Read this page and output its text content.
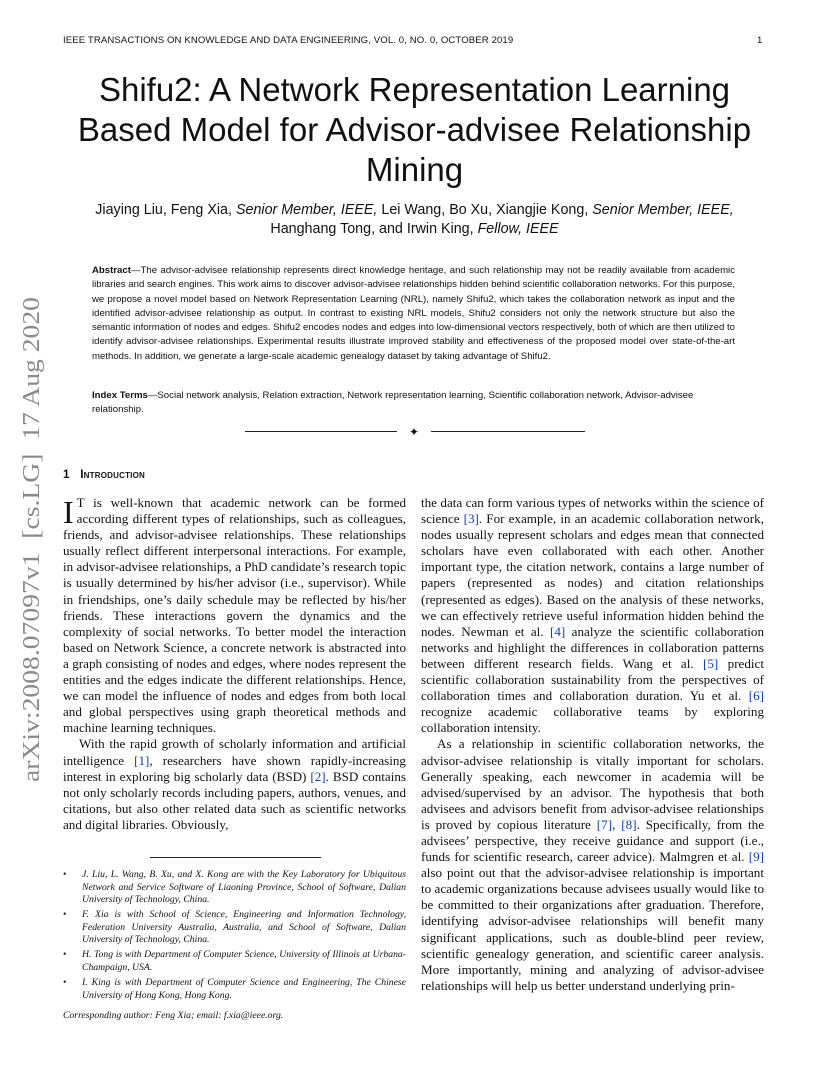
IEEE TRANSACTIONS ON KNOWLEDGE AND DATA ENGINEERING, VOL. 0, NO. 0, OCTOBER 2019	1
arXiv:2008.07097v1  [cs.LG]  17 Aug 2020
Shifu2: A Network Representation Learning Based Model for Advisor-advisee Relationship Mining
Jiaying Liu, Feng Xia, Senior Member, IEEE, Lei Wang, Bo Xu, Xiangjie Kong, Senior Member, IEEE, Hanghang Tong, and Irwin King, Fellow, IEEE
Abstract—The advisor-advisee relationship represents direct knowledge heritage, and such relationship may not be readily available from academic libraries and search engines. This work aims to discover advisor-advisee relationships hidden behind scientific collaboration networks. For this purpose, we propose a novel model based on Network Representation Learning (NRL), namely Shifu2, which takes the collaboration network as input and the identified advisor-advisee relationship as output. In contrast to existing NRL models, Shifu2 considers not only the network structure but also the semantic information of nodes and edges. Shifu2 encodes nodes and edges into low-dimensional vectors respectively, both of which are then utilized to identify advisor-advisee relationships. Experimental results illustrate improved stability and effectiveness of the proposed model over state-of-the-art methods. In addition, we generate a large-scale academic genealogy dataset by taking advantage of Shifu2.
Index Terms—Social network analysis, Relation extraction, Network representation learning, Scientific collaboration network, Advisor-advisee relationship.
✦
1 Introduction

I T is well-known that academic network can be formed according different types of relationships, such as colleagues, friends, and advisor-advisee relationships. These relationships usually reflect different interpersonal interactions. For example, in advisor-advisee relationships, a PhD candidate’s research topic is usually determined by his/her advisor (i.e., supervisor). While in friendships, one’s daily schedule may be reflected by his/her friends. These interactions govern the dynamics and the complexity of social networks. To better model the interaction based on Network Science, a concrete network is abstracted into a graph consisting of nodes and edges, where nodes represent the entities and the edges indicate the different relationships. Hence, we can model the influence of nodes and edges from both local and global perspectives using graph theoretical methods and machine learning techniques.

With the rapid growth of scholarly information and artificial intelligence [1], researchers have shown rapidly-increasing interest in exploring big scholarly data (BSD) [2]. BSD contains not only scholarly records including papers, authors, venues, and citations, but also other related data such as scientific networks and digital libraries. Obviously,

the data can form various types of networks within the science of science [3]. For example, in an academic collaboration network, nodes usually represent scholars and edges mean that connected scholars have even collaborated with each other. Another important type, the citation network, contains a large number of papers (represented as nodes) and citation relationships (represented as edges). Based on the analysis of these networks, we can effectively retrieve useful information hidden behind the nodes. Newman et al. [4] analyze the scientific collaboration networks and highlight the differences in collaboration patterns between different research fields. Wang et al. [5] predict scientific collaboration sustainability from the perspectives of collaboration times and collaboration duration. Yu et al. [6] recognize academic collaborative teams by exploring collaboration intensity.

As a relationship in scientific collaboration networks, the advisor-advisee relationship is vitally important for scholars. Generally speaking, each newcomer in academia will be advised/supervised by an advisor. The hypothesis that both advisees and advisors benefit from advisor-advisee relationships is proved by copious literature [7], [8]. Specifically, from the advisees’ perspective, they receive guidance and support (i.e., funds for scientific research, career advice). Malmgren et al. [9] also point out that the advisor-advisee relationship is important to academic organizations because advisees usually would like to be committed to their organizations after graduation. Therefore, identifying advisor-advisee relationships will benefit many significant applications, such as double-blind peer review, scientific genealogy generation, and scientific career analysis. More importantly, mining and analyzing of advisor-advisee relationships will help us better understand underlying prin-

• J. Liu, L. Wang, B. Xu, and X. Kong are with the Key Laboratory for Ubiquitous Network and Service Software of Liaoning Province, School of Software, Dalian University of Technology, China.
• F. Xia is with School of Science, Engineering and Information Technology, Federation University Australia, Australia, and School of Software, Dalian University of Technology, China.
• H. Tong is with Department of Computer Science, University of Illinois at Urbana-Champaign, USA.
• I. King is with Department of Computer Science and Engineering, The Chinese University of Hong Kong, Hong Kong.
Corresponding author: Feng Xia; email: f.xia@ieee.org.
